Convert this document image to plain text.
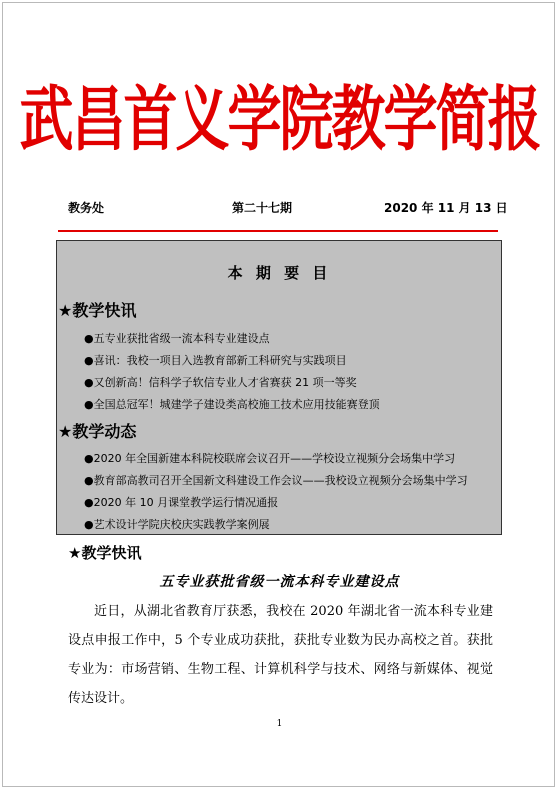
武昌首义学院教学简报
教务处	第二十七期	2020 年 11 月 13 日
本 期 要 目
★教学快讯
●五专业获批省级一流本科专业建设点
●喜讯：我校一项目入选教育部新工科研究与实践项目
●又创新高！信科学子软信专业人才省赛获 21 项一等奖
●全国总冠军！城建学子建设类高校施工技术应用技能赛登顶
★教学动态
●2020 年全国新建本科院校联席会议召开——学校设立视频分会场集中学习
●教育部高教司召开全国新文科建设工作会议——我校设立视频分会场集中学习
●2020 年 10 月课堂教学运行情况通报
●艺术设计学院庆校庆实践教学案例展
★教学快讯
五专业获批省级一流本科专业建设点
近日，从湖北省教育厅获悉，我校在 2020 年湖北省一流本科专业建设点申报工作中，5 个专业成功获批，获批专业数为民办高校之首。获批专业为：市场营销、生物工程、计算机科学与技术、网络与新媒体、视觉传达设计。
1
